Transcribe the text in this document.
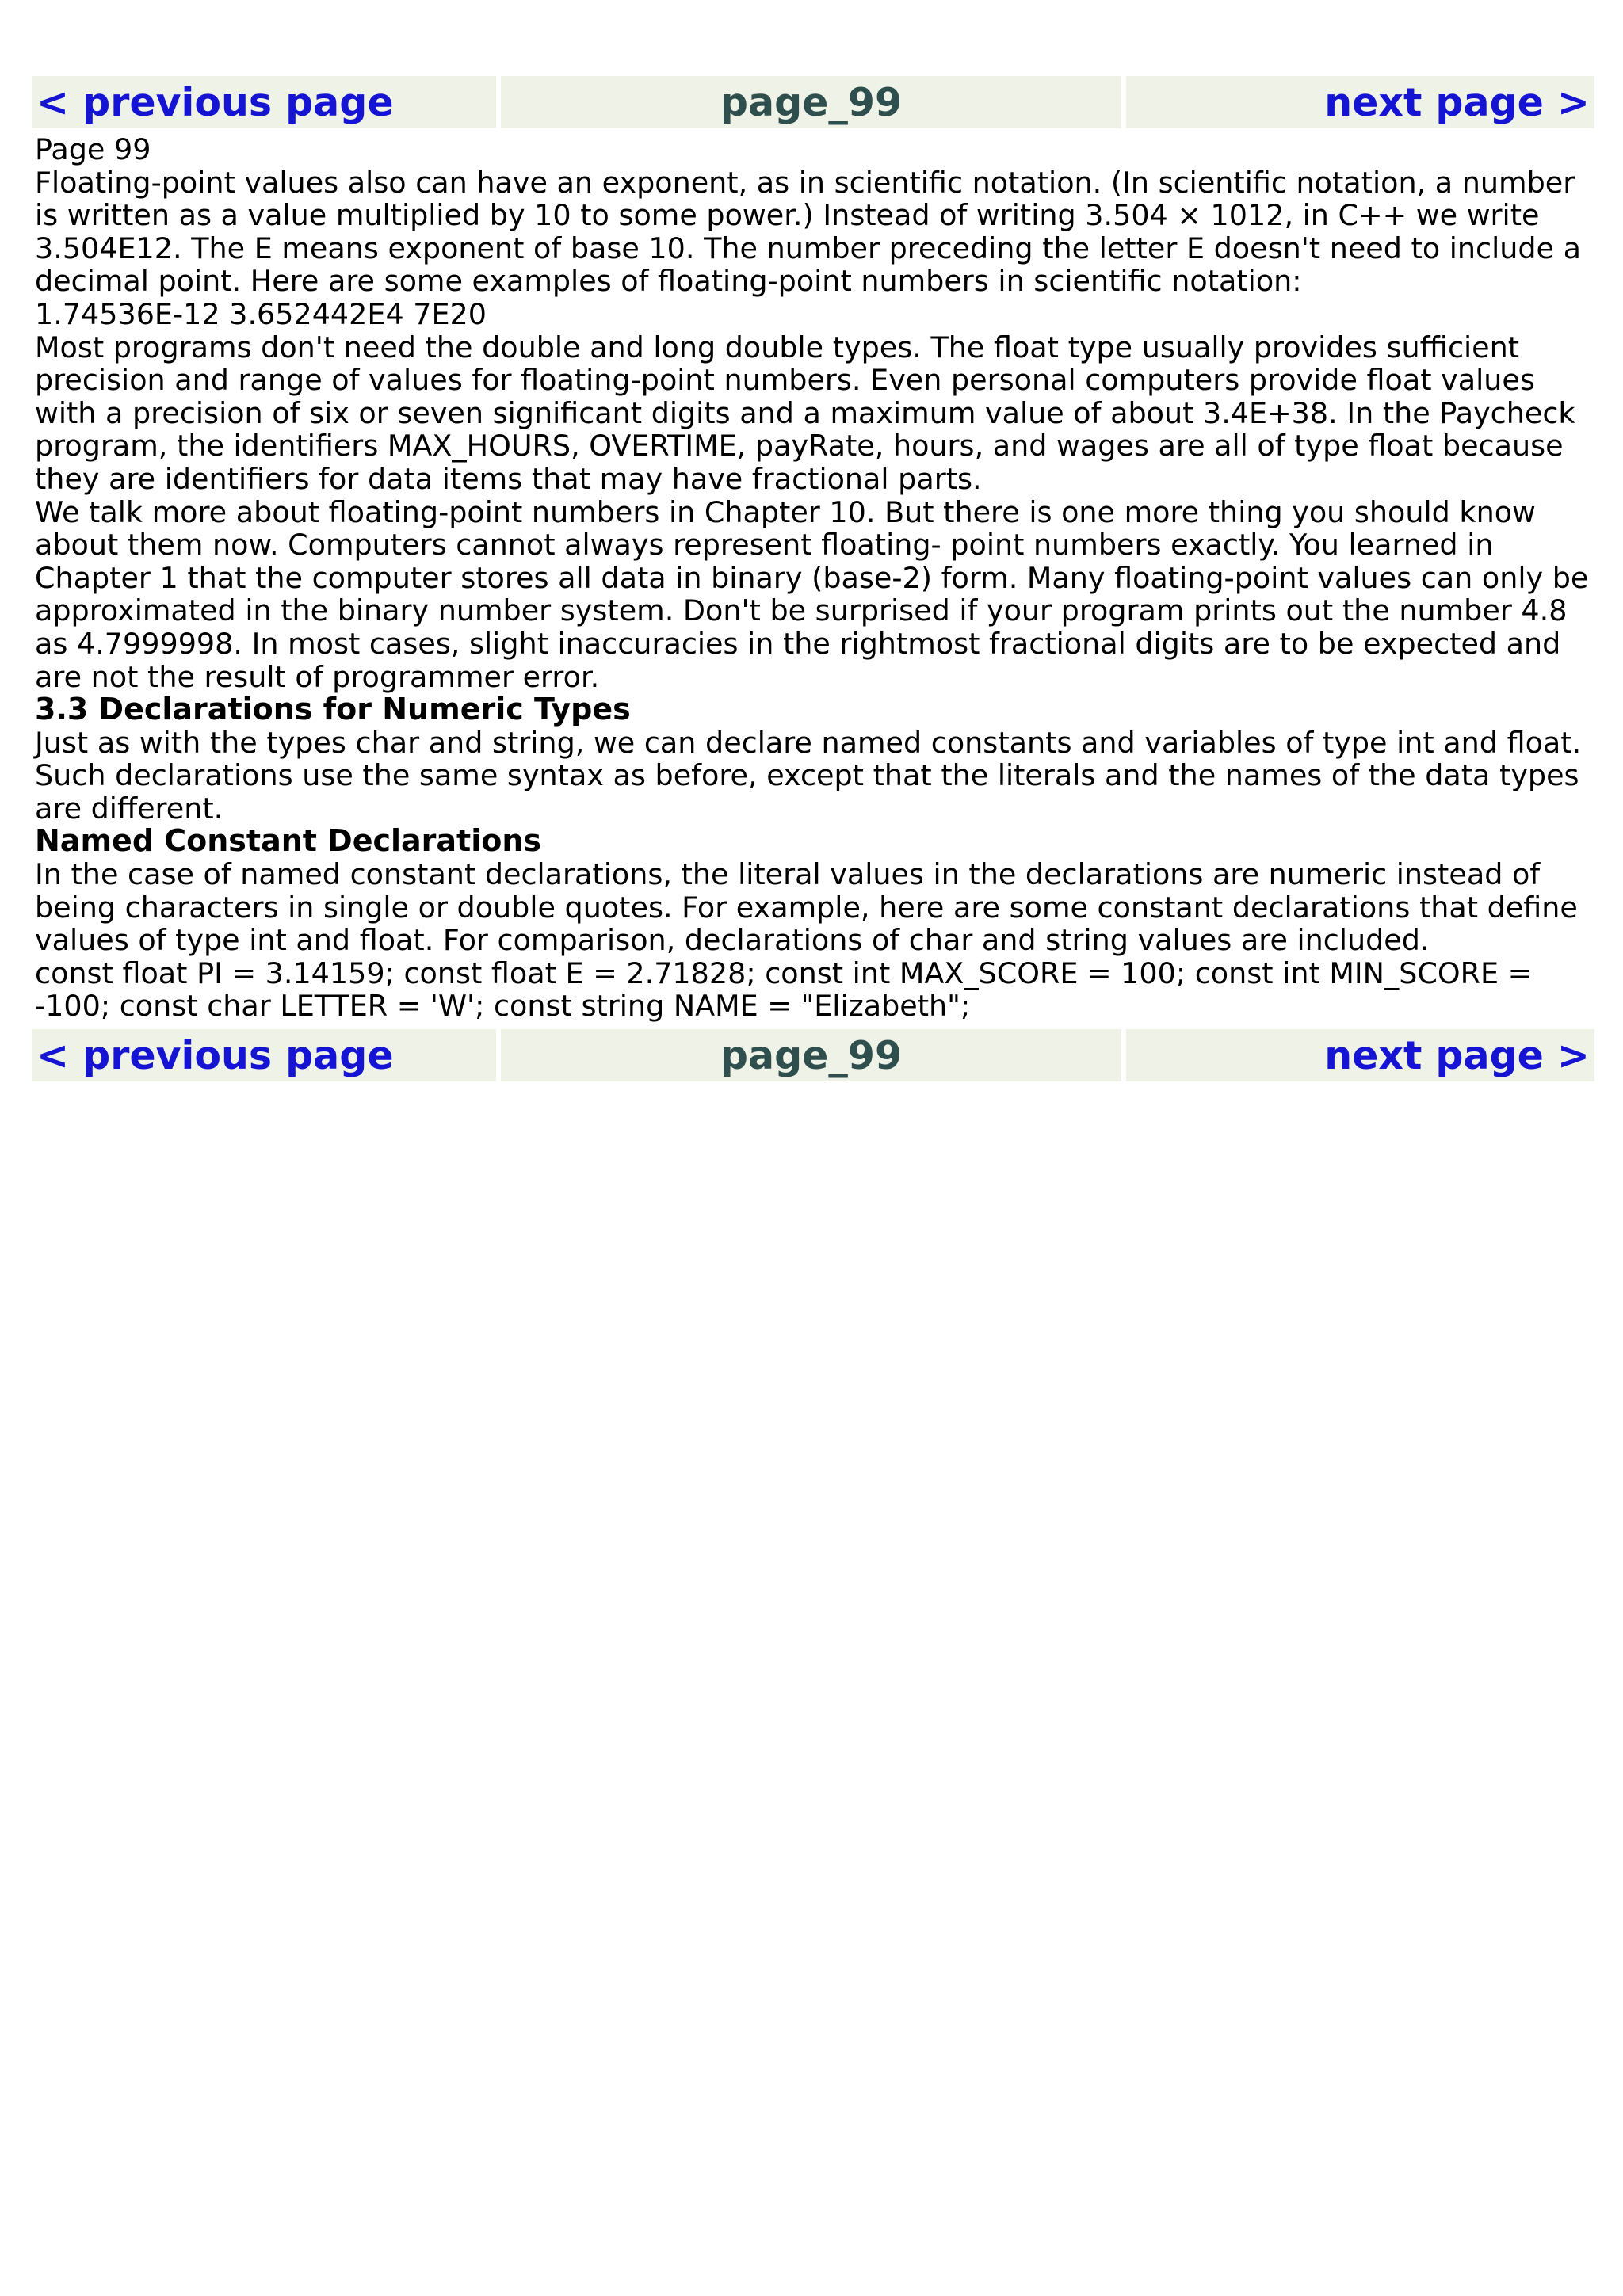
< previous page	page_99	next page >

Page 99

Floating-point values also can have an exponent, as in scientific notation. (In scientific notation, a number is written as a value multiplied by 10 to some power.) Instead of writing 3.504 × 1012, in C++ we write 3.504E12. The E means exponent of base 10. The number preceding the letter E doesn't need to include a decimal point. Here are some examples of floating-point numbers in scientific notation:

1.74536E-12 3.652442E4 7E20

Most programs don't need the double and long double types. The float type usually provides sufficient precision and range of values for floating-point numbers. Even personal computers provide float values with a precision of six or seven significant digits and a maximum value of about 3.4E+38. In the Paycheck program, the identifiers MAX_HOURS, OVERTIME, payRate, hours, and wages are all of type float because they are identifiers for data items that may have fractional parts.

We talk more about floating-point numbers in Chapter 10. But there is one more thing you should know about them now. Computers cannot always represent floating- point numbers exactly. You learned in Chapter 1 that the computer stores all data in binary (base-2) form. Many floating-point values can only be approximated in the binary number system. Don't be surprised if your program prints out the number 4.8 as 4.7999998. In most cases, slight inaccuracies in the rightmost fractional digits are to be expected and are not the result of programmer error.

3.3 Declarations for Numeric Types

Just as with the types char and string, we can declare named constants and variables of type int and float. Such declarations use the same syntax as before, except that the literals and the names of the data types are different.

Named Constant Declarations

In the case of named constant declarations, the literal values in the declarations are numeric instead of being characters in single or double quotes. For example, here are some constant declarations that define values of type int and float. For comparison, declarations of char and string values are included.

const float PI = 3.14159; const float E = 2.71828; const int MAX_SCORE = 100; const int MIN_SCORE = -100; const char LETTER = 'W'; const string NAME = "Elizabeth";

< previous page	page_99	next page >
